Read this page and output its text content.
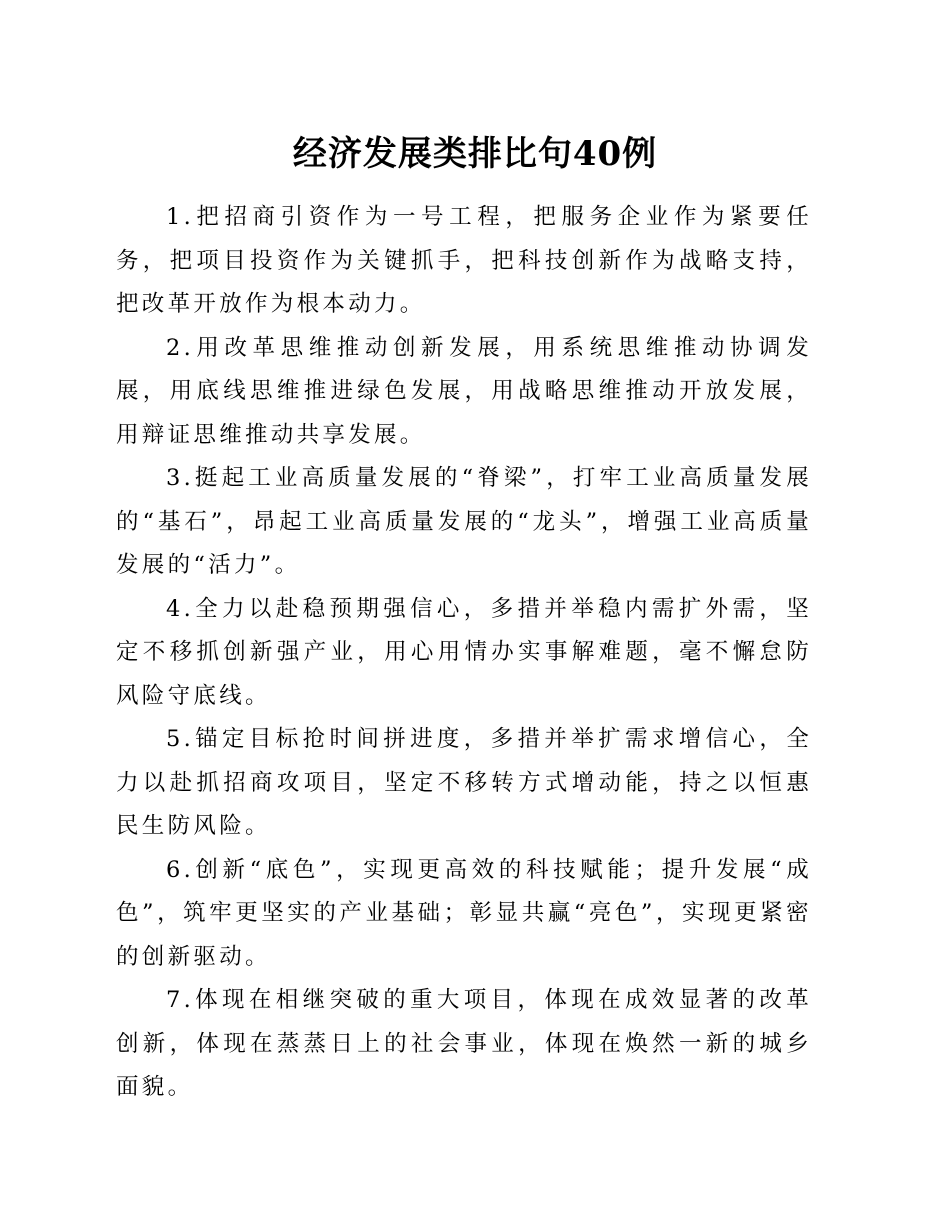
经济发展类排比句40例

1.把招商引资作为一号工程，把服务企业作为紧要任务，把项目投资作为关键抓手，把科技创新作为战略支持，把改革开放作为根本动力。

2.用改革思维推动创新发展，用系统思维推动协调发展，用底线思维推进绿色发展，用战略思维推动开放发展，用辩证思维推动共享发展。

3.挺起工业高质量发展的“脊梁”，打牢工业高质量发展的“基石”，昂起工业高质量发展的“龙头”，增强工业高质量发展的“活力”。

4.全力以赴稳预期强信心，多措并举稳内需扩外需，坚定不移抓创新强产业，用心用情办实事解难题，毫不懈怠防风险守底线。

5.锚定目标抢时间拼进度，多措并举扩需求增信心，全力以赴抓招商攻项目，坚定不移转方式增动能，持之以恒惠民生防风险。

6.创新“底色”，实现更高效的科技赋能；提升发展“成色”，筑牢更坚实的产业基础；彰显共赢“亮色”，实现更紧密的创新驱动。

7.体现在相继突破的重大项目，体现在成效显著的改革创新，体现在蒸蒸日上的社会事业，体现在焕然一新的城乡面貌。
